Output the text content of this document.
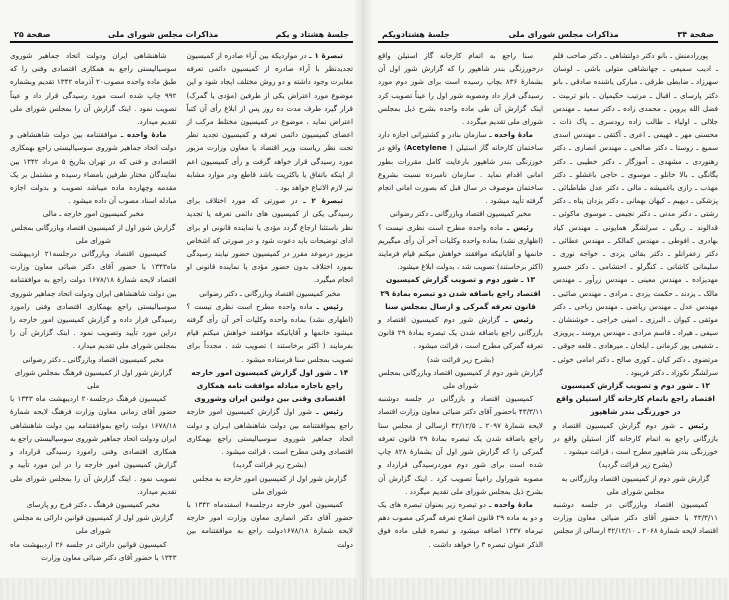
جلسهٔ هشتاد و یکم
مذاکرات مجلس شورای ملی
صفحة ۲۵

تبصرهٔ ۱ ـ در مواردیکه بین آراء صادره از کمیسیون تجدیدنظر با آراء صادره از کمیسیون دائمی تعرفه مغایرت وجود داشته و دو روش مختلف ایجاد شود و این موضوع مورد اعتراض یکی از طرفین (مؤدی یا گمرک) قرار گیرد طرف مدت ده روز پس از ابلاغ رأی آن کتباً اعتراض نماید ، موضوع در کمیسیون مختلط مرکب از اعضای کمیسیون دائمی تعرفه و کمیسیون تجدید نظر تحت نظر ریاست وزیر اقتصاد یا معاون وزارت مزبور مورد رسیدگی قرار خواهد گرفت و رأی کمیسیون اعم از اینکه باتفاق یا باکثریت باشد قاطع ودر موارد مشابه نیز لازم الاتباع خواهد بود .

تبصرهٔ ۲ ـ در صورتی که مورد اختلاف برای رسیدگی یکی از کمیسیون های دائمی تعرفه یا تجدید نظر باستثنا ارجاع گردد مؤدی یا نماینده قانونی او برای ادای توضیحات باید دعوت شود و در صورتی که اشخاص مزبور درموعد مقرر در کمیسیون حضور نیابند رسیدگی بمورد اختلاف بدون حضور مؤدی یا نماینده قانونی او انجام میگیرد.

مخبر کمیسیون اقتصاد وبازرگانی ـ دکتر رضوانی

رئیس ـ ماده واحده مطرح است نظری نیست ؟ (اظهاری نشد) بماده واحده وکلیات آخر آن رأی گرفته میشود خانمها و آقایانیکه موافقند خواهش میکنم قیام بفرمایند ( اکثر برخاستند ) تصویب شد . مجدداً برای تصویب بمجلس سنا فرستاده میشود .

۱۴ ـ شور اول گزارش کمیسیون امور خارجه راجع باجازه مبادله موافقت نامه همکاری اقتصادی وفنی بین دولتین ایران وشوروی

رئیس ـ شور اول گزارش کمیسیون امور خارجه راجع بموافقتنامه بین دولت شاهنشاهی ایـران و دولت اتحاد جماهیر شوروی سوسیالیستی راجع بهمکاری اقتصادی وفنی مطرح است ، قرائت میشود .

(بشرح زیر قرائت گردید)

گزارش شور اول از کمیسیون امور خارجه به مجلس شورای ملی

کمیسیون امور خارجه درجلسه۶ اسفندماه ۱۳۴۲ با حضور آقای دکتر انصاری معاون وزارت امور خارجه لایحه شمارهٔ ۱۶۷۸/۱۸دولت راجع به موافقتنامه بین دولت

شاهنشاهی ایران ودولت اتحاد جماهیر شوروی سوسیالیستی راجع به همکاری اقتصادی وفنی را که طبق ماده واحده مصوب۲۰ آذرماه ۱۳۴۲ تقدیم وبشماره ۹۹۲ چاپ شده است مورد رسیدگی قرار داد و عیناً تصویب نمود . اینک گزارش آن را بمجلس شورای ملی تقدیم میدارد.

مادهٔ واحده ـ موافقتنامه بین دولت شاهنشاهی و دولت اتحاد جماهیر شوروی سوسیالیستی راجع بهمکاری اقتصادی و فنی که در تهران بتاریخ ۵ مرداد ۱۳۴۲ بین نمایندگان مختار طرفین بامضاء رسیده و مشتمل بر یک مقدمه وچهارده ماده میباشد تصویب و بدولت اجازه مبادله اسناد مصوب آن داده میشود .

مخبر کمیسیون امور خارجه ـ مالی

گزارش شور اول از کمیسیون اقتصاد وبازرگانی بمجلس شورای ملی

کمیسیون اقتصاد وبازرگانی درجلسه۲۱ اردیبهشت ماه۱۳۴۳ با حضور آقای دکتر ضیائی معاون وزارت اقتصاد لایحه شمارهٔ ۱۶۷۸/۱۸ دولت راجع به موافقتنامه بین دولت شاهنشاهی ایران ودولت اتحاد جماهیر شوروی سوسیالیستی راجع بهمکاری اقتصادی وفنی رامورد رسیدگی قرار داده و گزارش کمیسیون امور خارجه را دراین مورد تأیید وتصویب نمود . اینک گزارش آن را بمجلس شورای ملی تقدیم میدارد .

مخبر کمیسیون اقتصاد وبازرگانی ـ دکتر رضوانی

گزارش شور اول از کمیسیون فرهنگ بمجلس شورای ملی

کمیسیون فرهنگ درجلسه۲۰ اردیبهشت ماه ۱۳۴۳ با حضور آقای زمانی معاون وزارت فرهنگ لایحه شمارهٔ ۱۶۷۸/۱۸ دولت راجع بموافقتنامه بین دولت شاهنشاهی ایران ودولت اتحاد جماهیر شوروی سوسیالیستی راجع به همکاری اقتصادی وفنی رامورد رسیدگی قرارداد و گزارش کمیسیون امور خارجه را در این مورد تأیید و تصویب نمود . اینک گزارش آن را بمجلس شورای ملی تقدیم میدارد.

مخبر کمیسیون فرهنگ ـ دکتر فرخ رو پارسای

گزارش شور اول از کمیسیون قوانین دارائی به مجلس شورای ملی

کمیسیون قوانین دارائی در جلسه ۲۶ اردیبهشت ماه ۱۳۴۳ با حضور آقای دکتر ضیائی معاون وزارت

صفحة ۳۴
مذاکرات مجلس شورای ملی
جلسهٔ هشتادویکم

پوررادمنش ـ بانو دکتر دولتشاهی ـ دکتر صاحب قلم ـ ادیب سمیعی ـ جهانشاهی متولی باشی ـ لوسان سهرزاد ـ ضابطی طرقی ـ مبارکی یاشنده صادقی ـ بانو دکتر پارسای ـ اقبال ـ مرتیب حکیمیان ـ بانو تربیت ـ فضل الله پروین ـ محمدی زاده ـ دکتر سعید ـ مهندس جلالی ـ اولیاء ـ طالب زاده رودسری ـ پاک ذات ـ محسنی مهر ـ فهیمی ـ اعری ـ آکتقی ـ مهندس اسدی سمیع ـ روستا ـ دکتر صالحی ـ مهندس انصاری ـ دکتر رهنوردی ـ مشهدی ـ آموزگار ـ دکتر خطیبی ـ دکتر یگانگی ـ بالا خانلو ـ موسوی ـ حاجی باغشلو ـ دکتر مهذب ـ رازی باغمیشه ـ مالی ـ دکتر عدل طباطبائی ـ پزشکی ـ دیهیم ـ کیهان بهمانی ـ دکتر یزدان پناه ـ دکتر رشتی ـ دکتر مدنی ـ دکتر نجیمی ـ موسوی ماکوئی ـ قدالوند ـ ریگی ـ سرلشگر همایونی ـ مهندس کیاد بهادری ـ افوطی ـ مهندس کمالکر ـ مهندس عطائی ـ دکتر زعفرانلو ـ دکتر بقائی یزدی ـ خواجه نوری ـ سلیمانی کاشانی ـ کنگرلو ـ احتشامی ـ دکتر خسرو مهدیزاده ـ مهندس معینی ـ مهندس زرآور ـ مهندس مالک ـ یزدند ـ حکمت یزدی ـ مرادی ـ مهندس صائبی ـ مهندس عدل ـ مهندس ریاضی ـ مهندس رباحی ـ دکتر موثقی ـ کیوان ـ البرزی ـ امینی خراجی ـ خوشنشان ـ سیفی ـ هیراد ـ قاسم مرادی ـ مهندس برومند ـ پرویزی ـ شفیعی پور کرمانی ـ ایلخان ـ میرهادی ـ قلعه جوقی ـ مرتضوی ـ دکتر کیان ـ کوری صالح ـ دکتر امامی خوئی ـ سرلشگر نکوزاد ـ دکتر فریبود .

۱۲ ـ شور دوم و تصویب گزارش کمیسیون اقتصاد راجع باتمام کارخانه گاز استیلن واقع در خورزنگی بندر شاهپور

رئیس ـ شور دوم گزارش کمیسیون اقتصاد و بازرگانی راجع به اتمام کارخانه گاز استیلن واقع در خورزنگی بندر شاهپور مطرح است ، قرائت میشود .

(بشرح زیر قرائت گردید)

گزارش شور دوم از کمیسیون اقتصاد وبازرگانی به مجلس شورای ملی

کمیسیون اقتصاد وبازرگانی در جلسه دوشنبه ۴۳/۳/۱۱ با حضور آقای دکتر ضیائی معاون وزارت اقتصاد لایحه شمارهٔ ۲۰۶۸ ـ ۴۲/۱۲/۱۰ ارسالی از مجلس

سنا راجع به اتمام کارخانه گاز استیلن واقع درخورزنگی بندر شاهپور را که گزارش شور اول آن بشمارهٔ ۸۳۶ بچاپ رسیده است برای شور دوم مورد رسیدگی قرار داد ومصوبه شور اول را عیناً تصویب کرد اینک گزارش آن طی ماده واحده بشرح ذیل بمجلس شورای ملی تقدیم میگردد .

مادهٔ واحده ـ سازمان بنادر و کشتیرانی اجازه دارد ساختمان کارخانه گاز استیلن ( Acetylene) واقع در خورزنگی بندر شاهپور بارعایت کامل مقررات بطور امانی اقدام نماید . سازمان نامبرده نسبت بشروع ساختمان موصوف در سال قبل که بصورت امانی انجام گرفته تأیید میشود .

مخبر کمیسیون اقتصاد وبازرگانی ـ دکتر رضوانی

رئیس ـ ماده واحده مطرح است نظری نیست ؟ (اظهاری نشد) بماده واحده وکلیات آخر آن رأی میگیریم خانمها و آقایانیکه موافقند خواهش میکنم قیام فرمایند (اکثر برخاستند) تصویب شد ، بدولت ابلاغ میشود.

۱۳ ـ شور دوم و تصویب گزارش کمیسیون اقتصاد راجع باضافه شدن دو تبصره بمادهٔ ۲۹ قانون تعرفه گمرکی و ارسال بمجلس سنا

رئیس ـ گزارش شور دوم کمیسیون اقتصاد و بازرگانی راجع باضافه شدن یک تبصره بمادهٔ ۲۹ قانون تعرفه گمرکی مطرح است ، قرائت میشود .

(بشرح زیر قرائت شد)

گزارش شور دوم از کمیسیون اقتصاد وبازرگانی بمجلس شورای ملی

کمیسیون اقتصاد و بازرگانی در جلسه دوشنبه ۴۳/۳/۱۱ باحضور آقای دکتر ضیائی معاون وزارت اقتصاد لایحه شمارهٔ ۲۰۹۷ ـ ۴۲/۱۲/۵ ارسالی از مجلس سنا راجع باضافه شدن یک تبصره بمادهٔ ۲۹ قانون تعرفه گمرکی را که گزارش شور اول آن بشمارهٔ ۸۲۸ چاپ شده است برای شور دوم موردرسیدگی قرارداد و مصوبه شوراول راعیناً تصویب کرد . اینک گزارش آن بشرح ذیل بمجلس شورای ملی تقدیم میگردد .

مادهٔ واحده ـ دو تبصره زیر بعنوان تبصره های یک و دو به ماده ۲۹ قانون اصلاح تعرفه گمرکی مصوب دهم تیرماه ۱۳۳۷ اضافه میشود و تبصره قبلی ماده فوق الذکر عنوان تبصره ۳ را خواهد داشت .
